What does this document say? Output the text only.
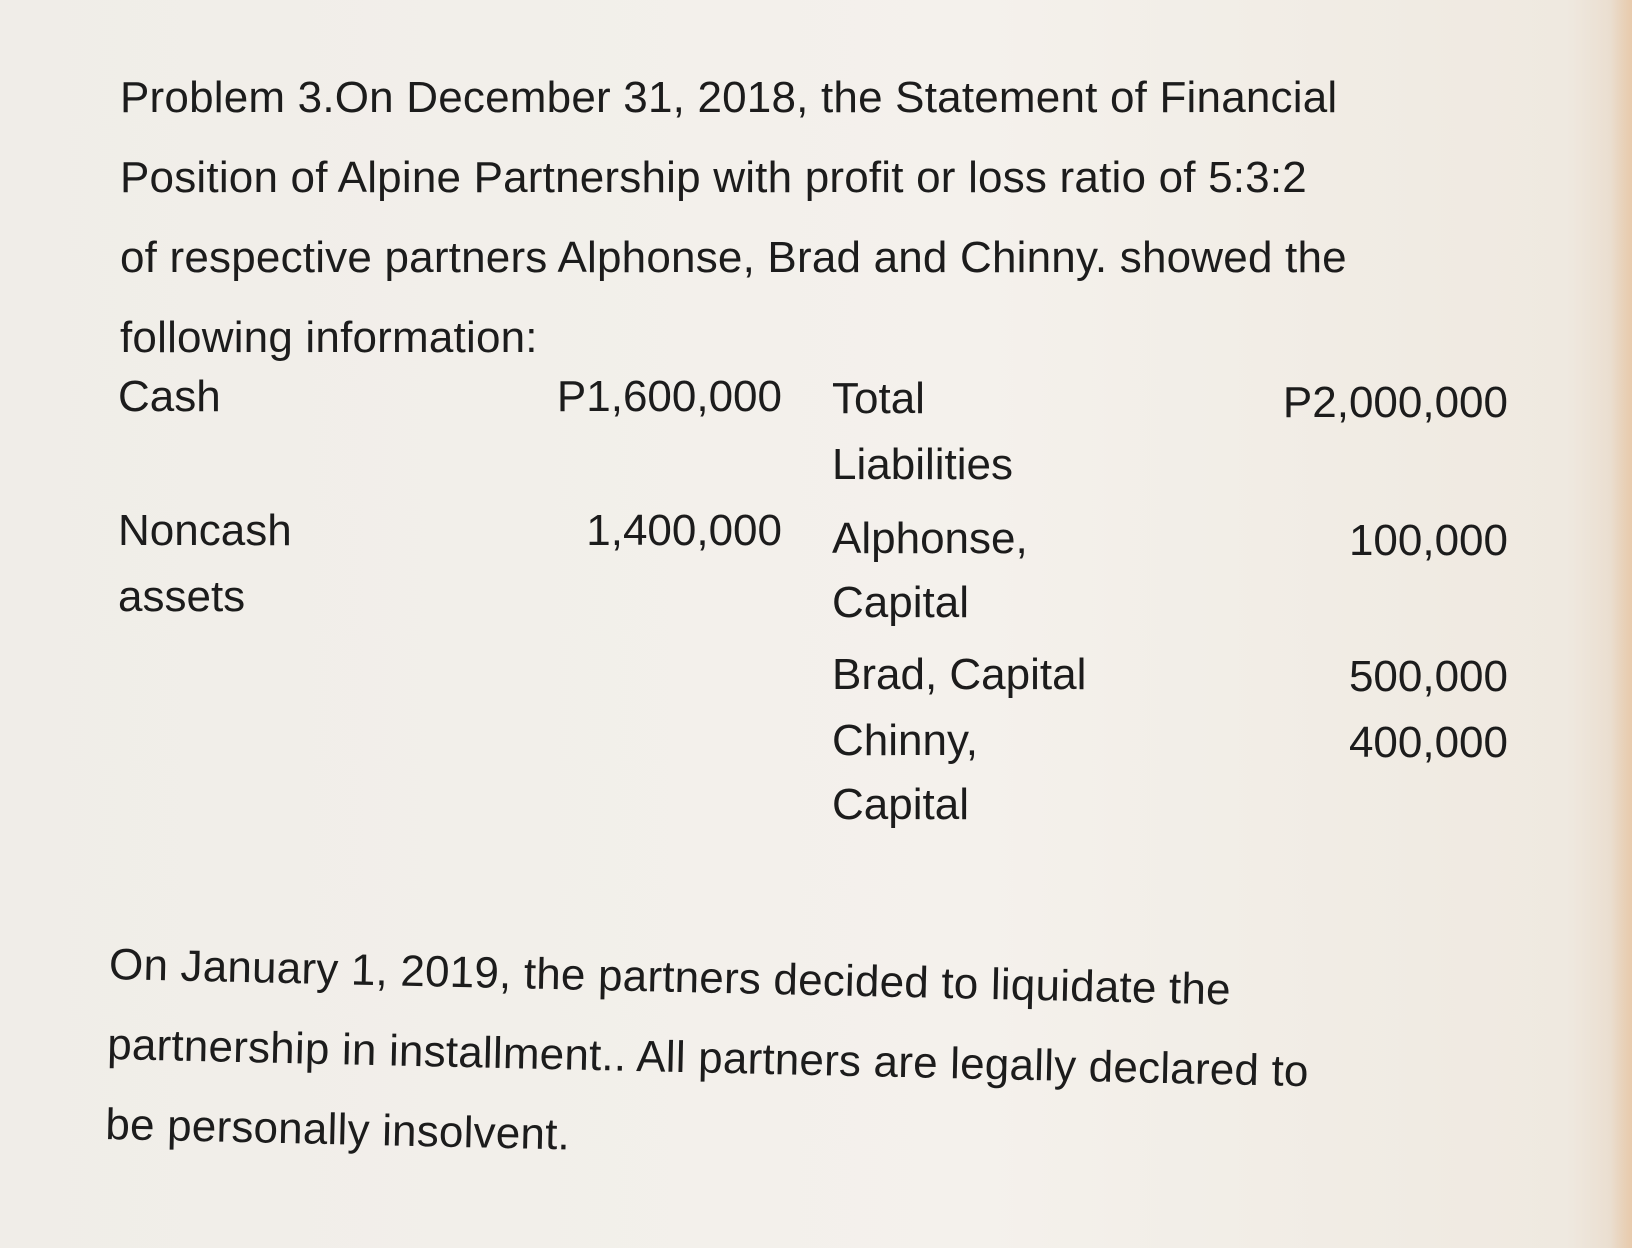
Problem 3.On December 31, 2018, the Statement of Financial
Position of Alpine Partnership with profit or loss ratio of 5:3:2
of respective partners Alphonse, Brad and Chinny. showed the
following information:
Cash	P1,600,000
Noncash
assets
1,400,000
Total
Liabilities
P2,000,000
Alphonse,
Capital
100,000
Brad, Capital	500,000
Chinny,
Capital
400,000
On January 1, 2019, the partners decided to liquidate the
partnership in installment.. All partners are legally declared to
be personally insolvent.
